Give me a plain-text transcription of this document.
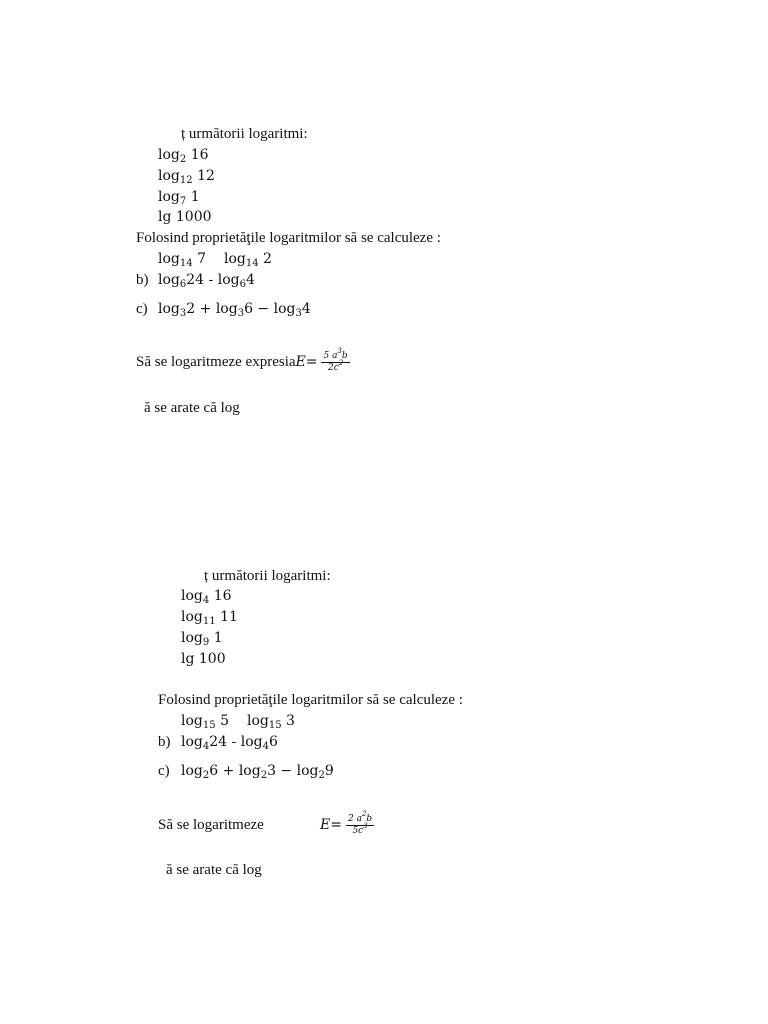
ț următorii logaritmi:
$\log_2 16$
$\log_{12} 12$
$\log_7 1$
lg 1000
Folosind proprietăţile logaritmilor să se calculeze :
$\log_{14} 7$ $\log_{14} 2$
b) $\log_624 - \log_64$
c) $\log_32 + \log_36 - \log_34$
Să se logaritmeze expresia $E = \frac{5 a^3b}{2c^2}$
ă se arate că log
ț următorii logaritmi:
$\log_4 16$
$\log_{11} 11$
$\log_9 1$
lg 100
Folosind proprietăţile logaritmilor să se calculeze :
$\log_{15} 5$ $\log_{15} 3$
b) $\log_424 - \log_46$
c) $\log_26 + \log_23 - \log_29$
Să se logaritmeze	$E = \frac{2 a^2b}{5c^3}$
ă se arate că log
